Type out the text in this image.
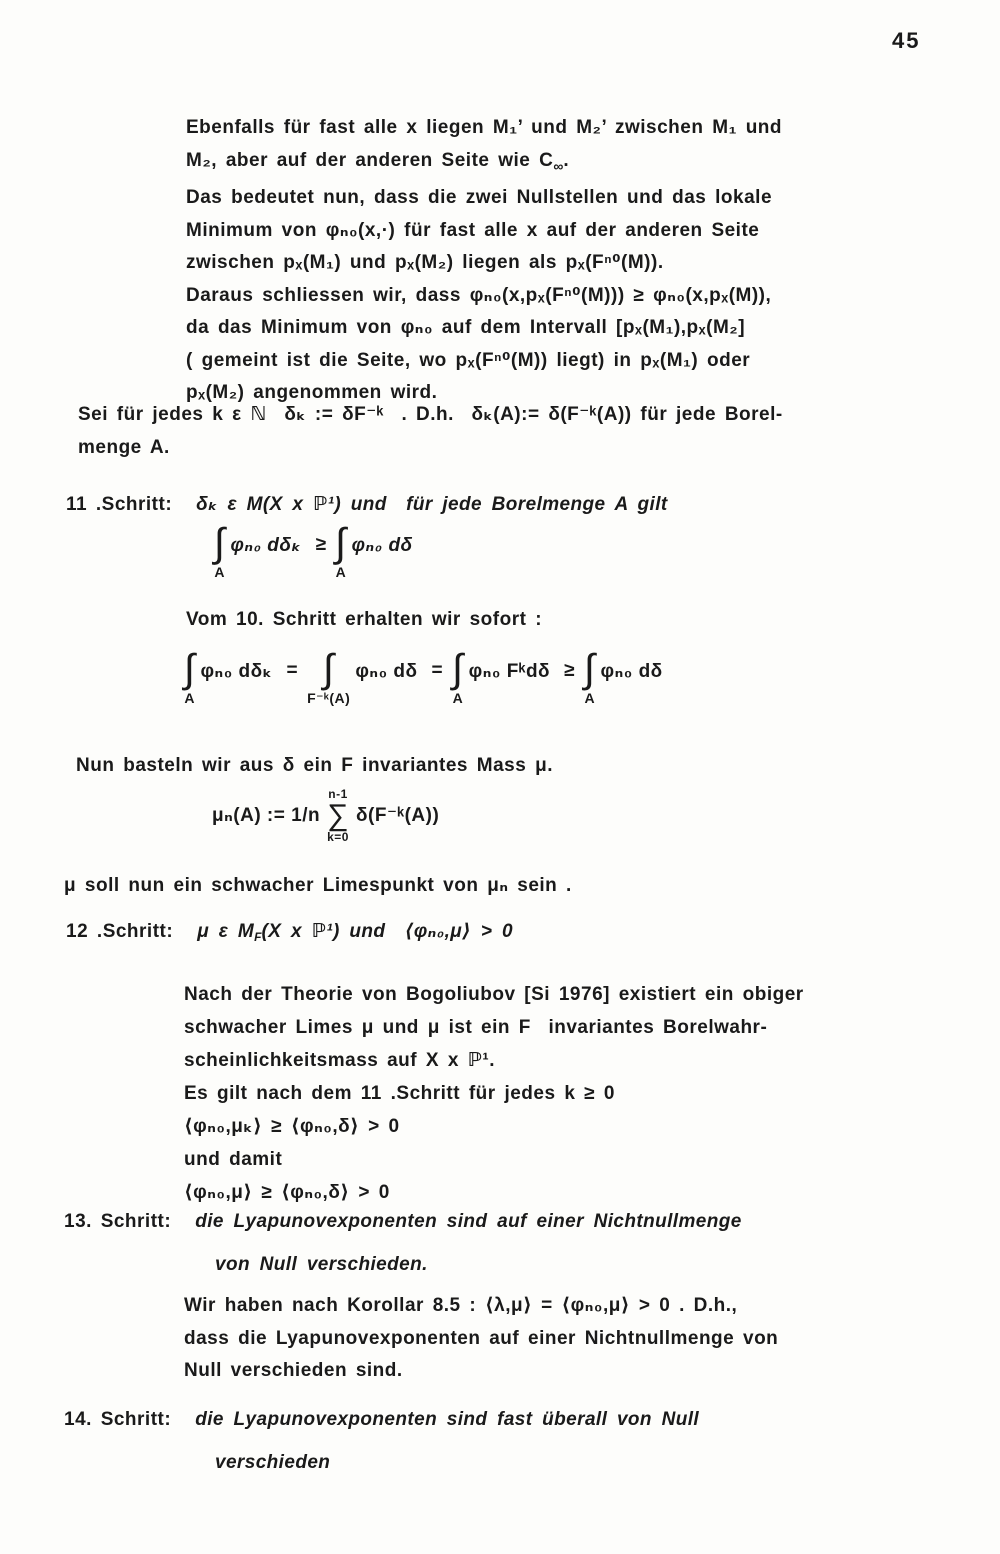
45
Ebenfalls für fast alle x liegen M₁’ und M₂’ zwischen M₁ und
M₂, aber auf der anderen Seite wie $C_\infty$.
Das bedeutet nun, dass die zwei Nullstellen und das lokale
Minimum von φₙ₀(x,·) für fast alle x auf der anderen Seite
zwischen pₓ(M₁) und pₓ(M₂) liegen als pₓ(Fⁿ⁰(M)).
Daraus schliessen wir, dass φₙ₀(x,pₓ(Fⁿ⁰(M))) ≥ φₙ₀(x,pₓ(M)),
da das Minimum von φₙ₀ auf dem Intervall [pₓ(M₁),pₓ(M₂]
( gemeint ist die Seite, wo pₓ(Fⁿ⁰(M)) liegt) in pₓ(M₁) oder
pₓ(M₂) angenommen wird.
Sei für jedes k ε ℕ  δₖ := δF⁻ᵏ  . D.h.  δₖ(A):= δ(F⁻ᵏ(A)) für jede Borel-
menge A.
11 .Schritt: δₖ ε M(X x ℙ¹) und  für jede Borelmenge A gilt
∫
A
φₙ₀ dδₖ ≥ ∫
A
φₙ₀ dδ
Vom 10. Schritt erhalten wir sofort :
∫
A
φₙ₀ dδₖ = ∫
F⁻ᵏ(A)
φₙ₀ dδ = ∫
A
φₙ₀ Fᵏdδ ≥ ∫
A
φₙ₀ dδ
Nun basteln wir aus δ ein F invariantes Mass μ.
μₙ(A) := 1/n
n-1
∑
k=0
δ(F⁻ᵏ(A))
μ soll nun ein schwacher Limespunkt von μₙ sein .
12 .Schritt: μ ε $M_F(X$ x ℙ¹) und  ⟨φₙ₀,μ⟩ > 0
Nach der Theorie von Bogoliubov [Si 1976] existiert ein obiger
schwacher Limes μ und μ ist ein F  invariantes Borelwahr-
scheinlichkeitsmass auf X x ℙ¹.
Es gilt nach dem 11 .Schritt für jedes k ≥ 0
⟨φₙ₀,μₖ⟩ ≥ ⟨φₙ₀,δ⟩ > 0
und damit
⟨φₙ₀,μ⟩ ≥ ⟨φₙ₀,δ⟩ > 0
13. Schritt: die Lyapunovexponenten sind auf einer Nichtnullmenge
von Null verschieden.
Wir haben nach Korollar 8.5 : ⟨λ,μ⟩ = ⟨φₙ₀,μ⟩ > 0 . D.h.,
dass die Lyapunovexponenten auf einer Nichtnullmenge von
Null verschieden sind.
14. Schritt: die Lyapunovexponenten sind fast überall von Null
verschieden
